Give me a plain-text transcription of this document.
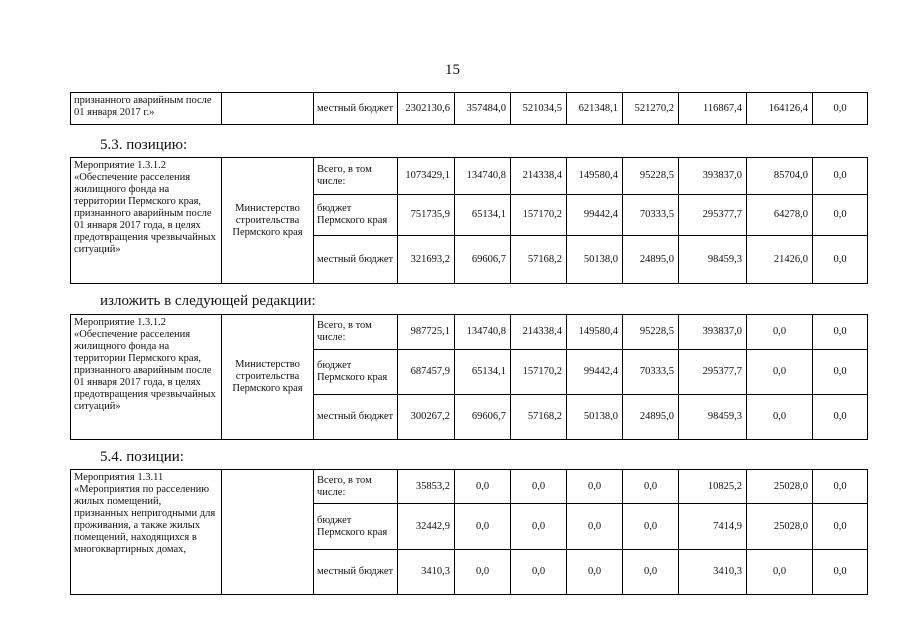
15
признанного аварийным после 01 января 2017 г.»		местный бюджет	2302130,6	357484,0	521034,5	621348,1	521270,2	116867,4	164126,4	0,0
5.3. позицию:
Мероприятие 1.3.1.2 «Обеспечение расселения жилищного фонда на территории Пермского края, признанного аварийным после 01 января 2017 года, в целях предотвращения чрезвычайных ситуаций»	Министерство строительства Пермского края	Всего, в том числе:	1073429,1	134740,8	214338,4	149580,4	95228,5	393837,0	85704,0	0,0
		бюджет Пермского края	751735,9	65134,1	157170,2	99442,4	70333,5	295377,7	64278,0	0,0
		местный бюджет	321693,2	69606,7	57168,2	50138,0	24895,0	98459,3	21426,0	0,0
изложить в следующей редакции:
Мероприятие 1.3.1.2 «Обеспечение расселения жилищного фонда на территории Пермского края, признанного аварийным после 01 января 2017 года, в целях предотвращения чрезвычайных ситуаций»	Министерство строительства Пермского края	Всего, в том числе:	987725,1	134740,8	214338,4	149580,4	95228,5	393837,0	0,0	0,0
		бюджет Пермского края	687457,9	65134,1	157170,2	99442,4	70333,5	295377,7	0,0	0,0
		местный бюджет	300267,2	69606,7	57168,2	50138,0	24895,0	98459,3	0,0	0,0
5.4. позиции:
Мероприятия 1.3.11 «Мероприятия по расселению жилых помещений, признанных непригодными для проживания, а также жилых помещений, находящихся в многоквартирных домах,		Всего, в том числе:	35853,2	0,0	0,0	0,0	0,0	10825,2	25028,0	0,0
		бюджет Пермского края	32442,9	0,0	0,0	0,0	0,0	7414,9	25028,0	0,0
		местный бюджет	3410,3	0,0	0,0	0,0	0,0	3410,3	0,0	0,0
